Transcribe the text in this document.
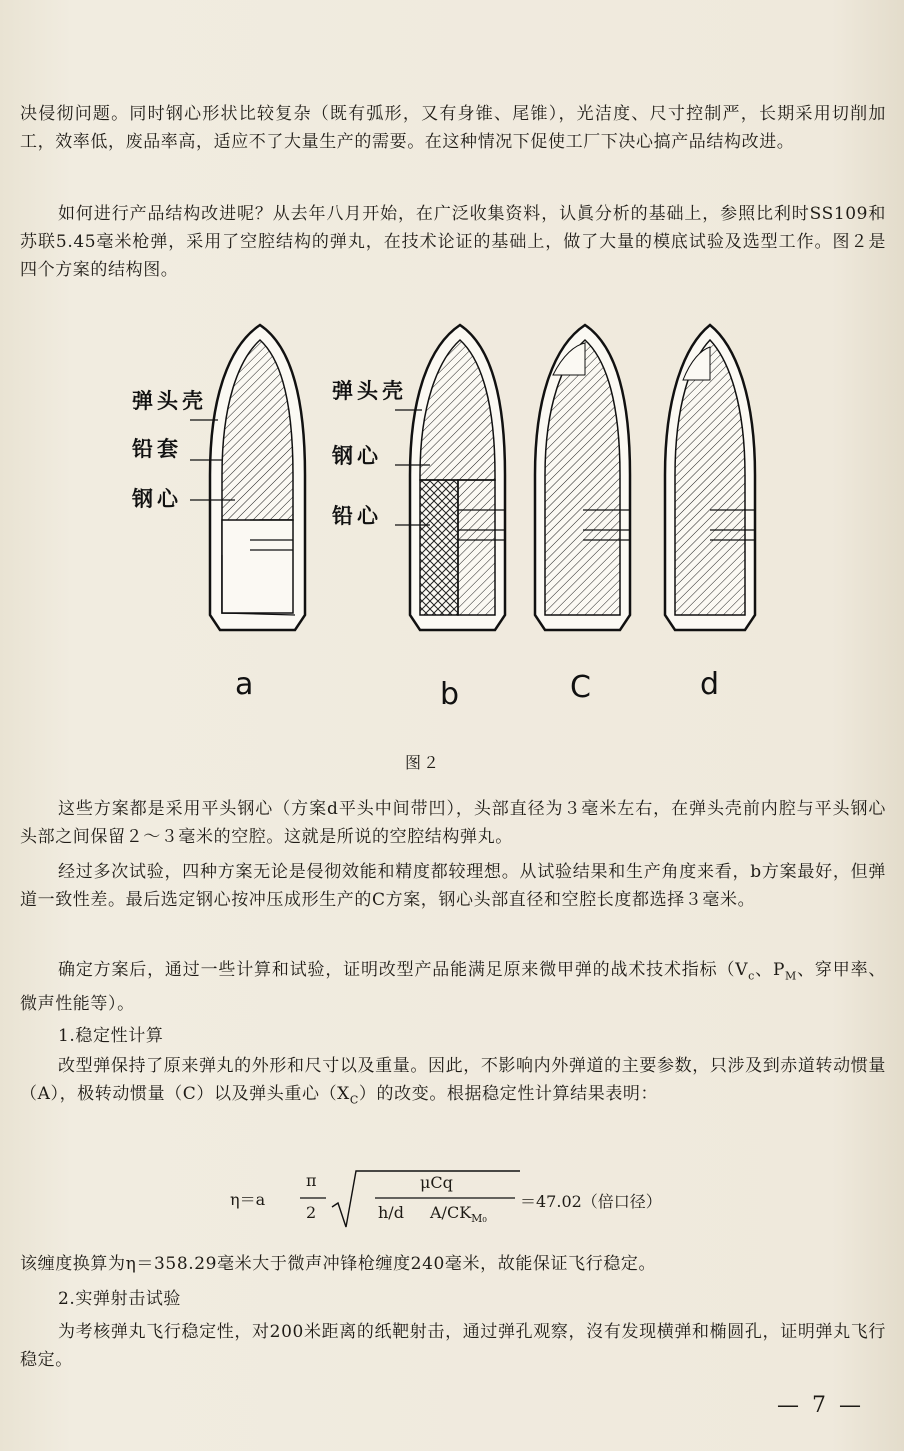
决侵彻问题。同时钢心形状比较复杂（既有弧形，又有身锥、尾锥），光洁度、尺寸控制严，长期采用切削加工，效率低，废品率高，适应不了大量生产的需要。在这种情况下促使工厂下决心搞产品结构改进。

如何进行产品结构改进呢？从去年八月开始，在广泛收集资料，认眞分析的基础上，参照比利时SS109和苏联5.45毫米枪弹，采用了空腔结构的弹丸，在技术论证的基础上，做了大量的模底试验及选型工作。图２是四个方案的结构图。

弹头壳
铅套
钢心
弹头壳
钢心
铅心
a	b	C	d
图２

这些方案都是采用平头钢心（方案d平头中间带凹），头部直径为３毫米左右，在弹头壳前内腔与平头钢心头部之间保留２～３毫米的空腔。这就是所说的空腔结构弹丸。

经过多次试验，四种方案无论是侵彻效能和精度都较理想。从试验结果和生产角度来看，b方案最好，但弹道一致性差。最后选定钢心按冲压成形生产的C方案，钢心头部直径和空腔长度都选择３毫米。

确定方案后，通过一些计算和试验，证明改型产品能满足原来微甲弹的战术技术指标（$V_c$、$P_M$、穿甲率、微声性能等）。

1.稳定性计算

改型弹保持了原来弹丸的外形和尺寸以及重量。因此，不影响内外弹道的主要参数，只涉及到赤道转动惯量（A），极转动惯量（C）以及弹头重心$(X_C)$的改变。根据稳定性计算结果表明：

η＝a
π
2
μCq
h/d $A/CK_{M_0}$
＝47.02（倍口径）

该缠度换算为η＝358.29毫米大于微声冲锋枪缠度240毫米，故能保证飞行稳定。

2.实弹射击试验

为考核弹丸飞行稳定性，对200米距离的纸靶射击，通过弹孔观察，沒有发现横弹和椭圆孔，证明弹丸飞行稳定。

— 7 —
